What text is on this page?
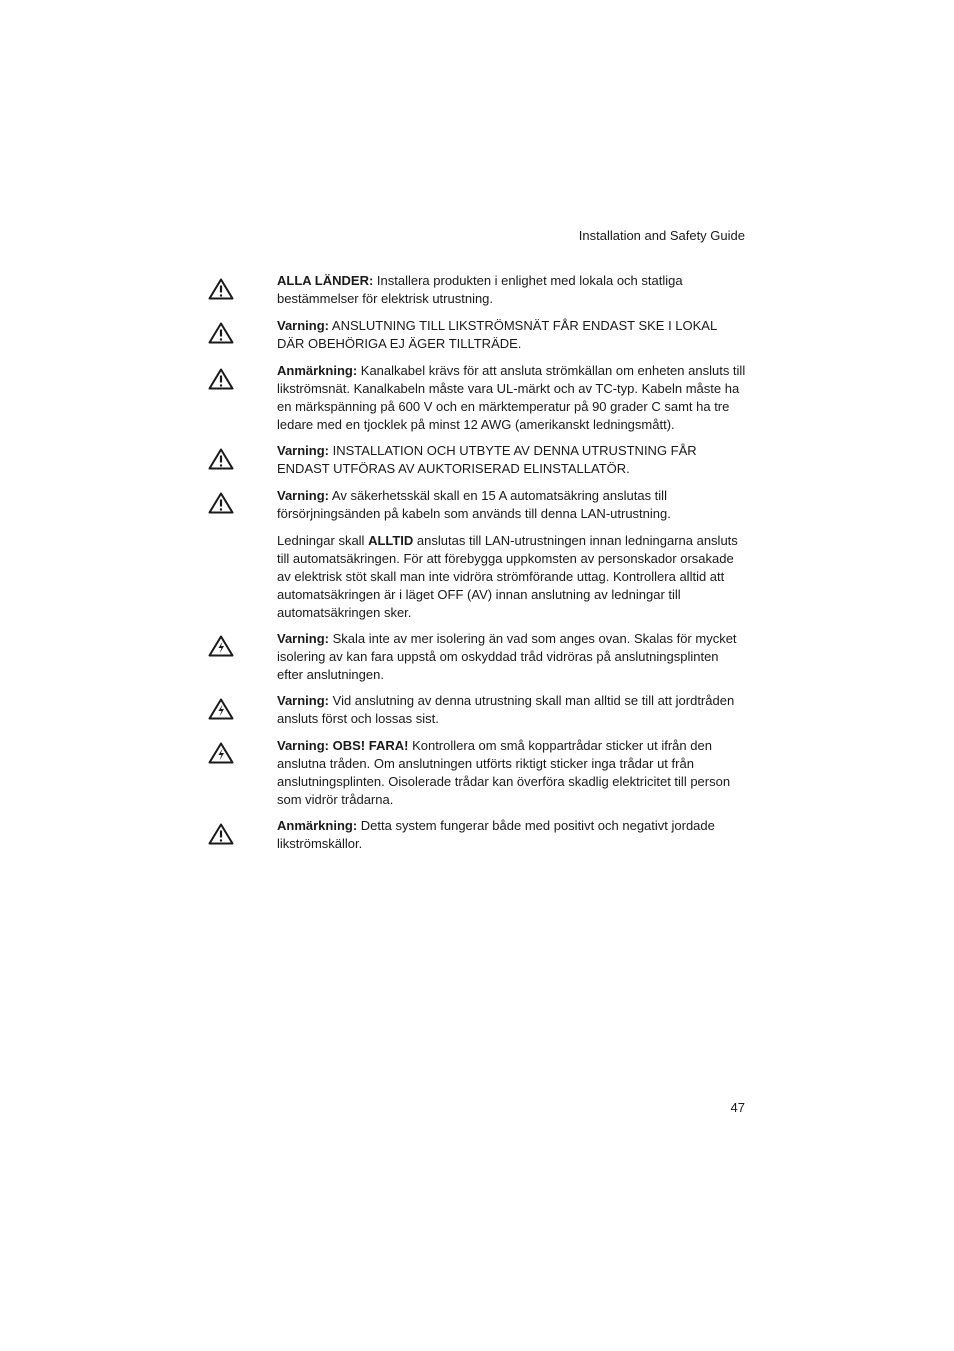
Installation and Safety Guide
ALLA LÄNDER: Installera produkten i enlighet med lokala och statliga bestämmelser för elektrisk utrustning.
Varning: ANSLUTNING TILL LIKSTRÖMSNÄT FÅR ENDAST SKE I LOKAL DÄR OBEHÖRIGA EJ ÄGER TILLTRÄDE.
Anmärkning: Kanalkabel krävs för att ansluta strömkällan om enheten ansluts till likströmsnät. Kanalkabeln måste vara UL-märkt och av TC-typ. Kabeln måste ha en märkspänning på 600 V och en märktemperatur på 90 grader C samt ha tre ledare med en tjocklek på minst 12 AWG (amerikanskt ledningsmått).
Varning: INSTALLATION OCH UTBYTE AV DENNA UTRUSTNING FÅR ENDAST UTFÖRAS AV AUKTORISERAD ELINSTALLATÖR.
Varning: Av säkerhetsskäl skall en 15 A automatsäkring anslutas till försörjningsänden på kabeln som används till denna LAN-utrustning.
Ledningar skall ALLTID anslutas till LAN-utrustningen innan ledningarna ansluts till automatsäkringen. För att förebygga uppkomsten av personskador orsakade av elektrisk stöt skall man inte vidröra strömförande uttag. Kontrollera alltid att automatsäkringen är i läget OFF (AV) innan anslutning av ledningar till automatsäkringen sker.
Varning: Skala inte av mer isolering än vad som anges ovan. Skalas för mycket isolering av kan fara uppstå om oskyddad tråd vidröras på anslutningsplinten efter anslutningen.
Varning: Vid anslutning av denna utrustning skall man alltid se till att jordtråden ansluts först och lossas sist.
Varning: OBS! FARA! Kontrollera om små koppartrådar sticker ut ifrån den anslutna tråden. Om anslutningen utförts riktigt sticker inga trådar ut från anslutningsplinten. Oisolerade trådar kan överföra skadlig elektricitet till person som vidrör trådarna.
Anmärkning: Detta system fungerar både med positivt och negativt jordade likströmskällor.
47
